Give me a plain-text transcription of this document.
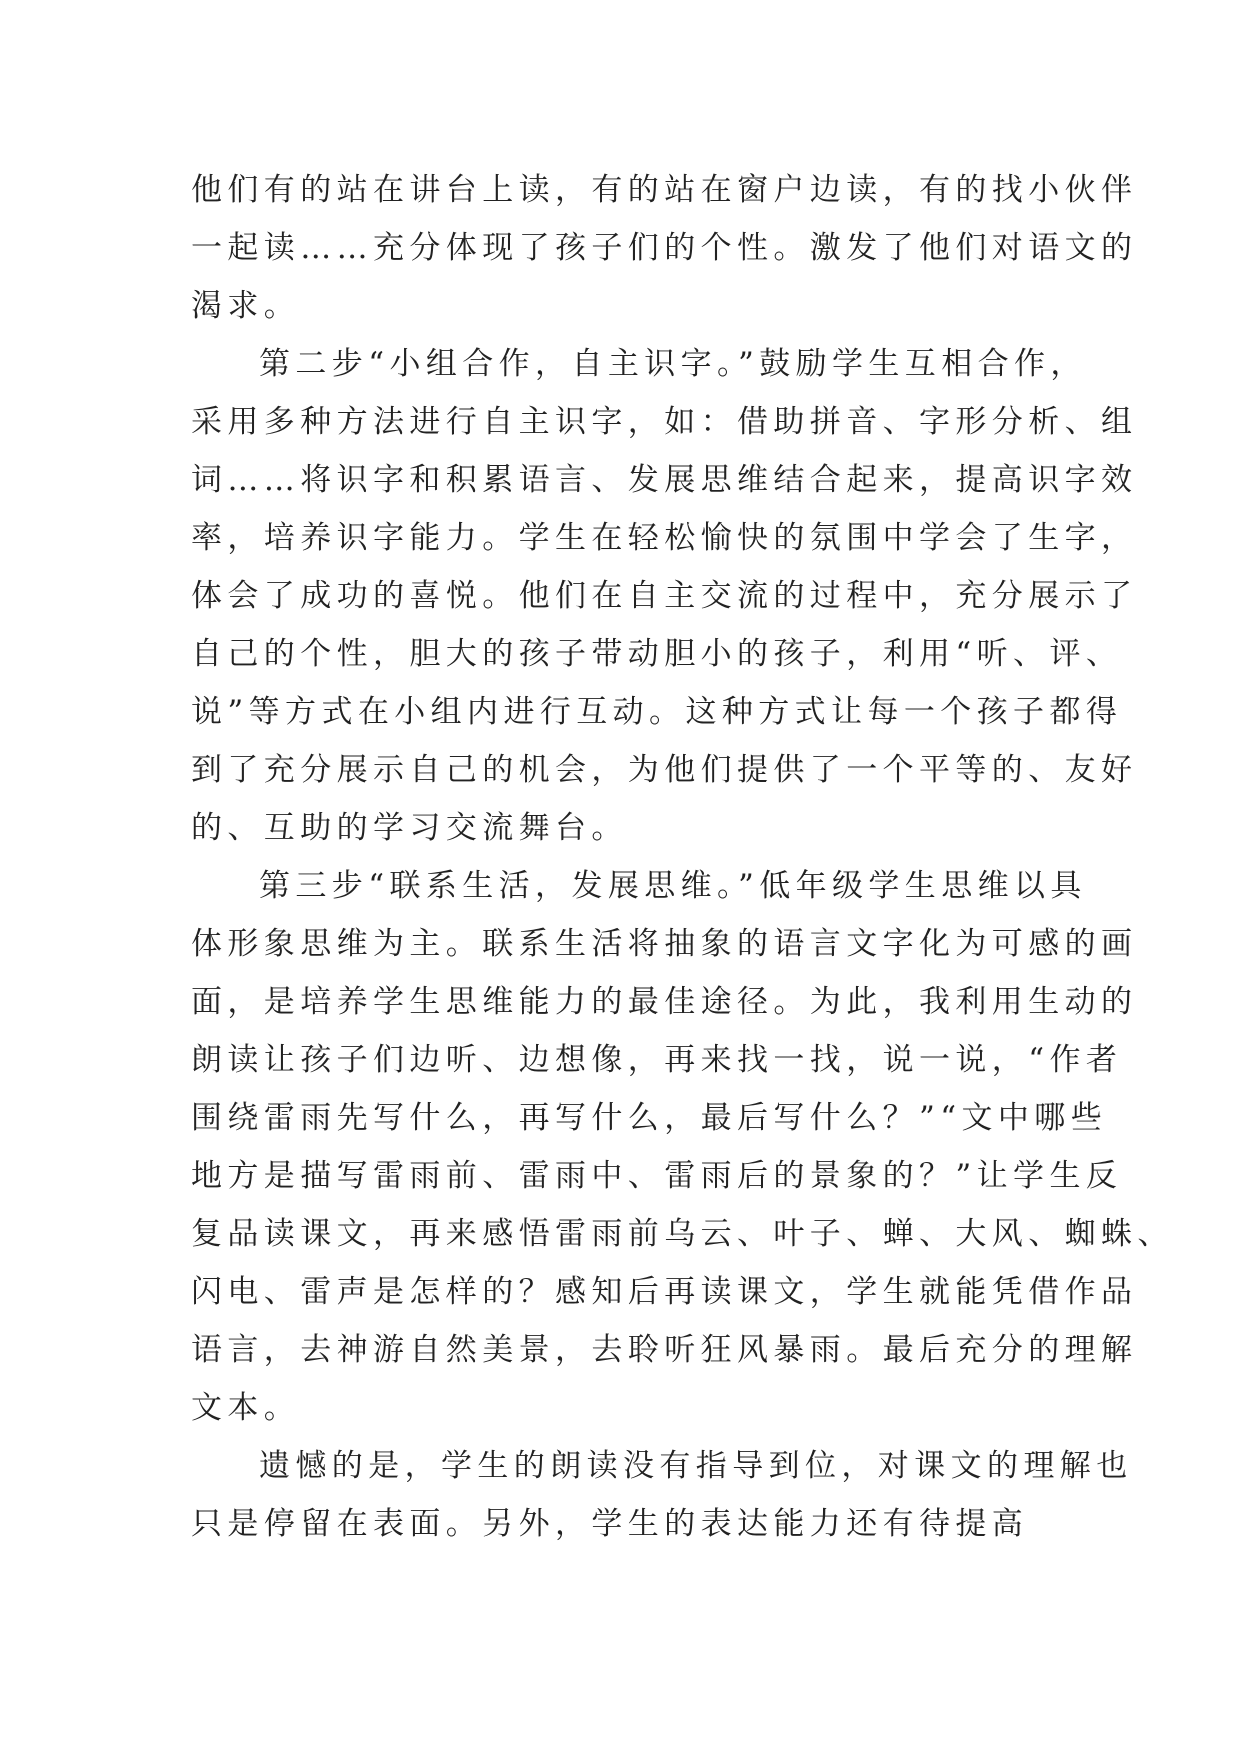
他们有的站在讲台上读，有的站在窗户边读，有的找小伙伴
一起读……充分体现了孩子们的个性。激发了他们对语文的
渴求。
第二步“小组合作，自主识字。”鼓励学生互相合作，
采用多种方法进行自主识字，如：借助拼音、字形分析、组
词……将识字和积累语言、发展思维结合起来，提高识字效
率，培养识字能力。学生在轻松愉快的氛围中学会了生字，
体会了成功的喜悦。他们在自主交流的过程中，充分展示了
自己的个性，胆大的孩子带动胆小的孩子，利用“听、评、
说”等方式在小组内进行互动。这种方式让每一个孩子都得
到了充分展示自己的机会，为他们提供了一个平等的、友好
的、互助的学习交流舞台。
第三步“联系生活，发展思维。”低年级学生思维以具
体形象思维为主。联系生活将抽象的语言文字化为可感的画
面，是培养学生思维能力的最佳途径。为此，我利用生动的
朗读让孩子们边听、边想像，再来找一找，说一说，“作者
围绕雷雨先写什么，再写什么，最后写什么？”“文中哪些
地方是描写雷雨前、雷雨中、雷雨后的景象的？”让学生反
复品读课文，再来感悟雷雨前乌云、叶子、蝉、大风、蜘蛛、
闪电、雷声是怎样的？感知后再读课文，学生就能凭借作品
语言，去神游自然美景，去聆听狂风暴雨。最后充分的理解
文本。
遗憾的是，学生的朗读没有指导到位，对课文的理解也
只是停留在表面。另外，学生的表达能力还有待提高
